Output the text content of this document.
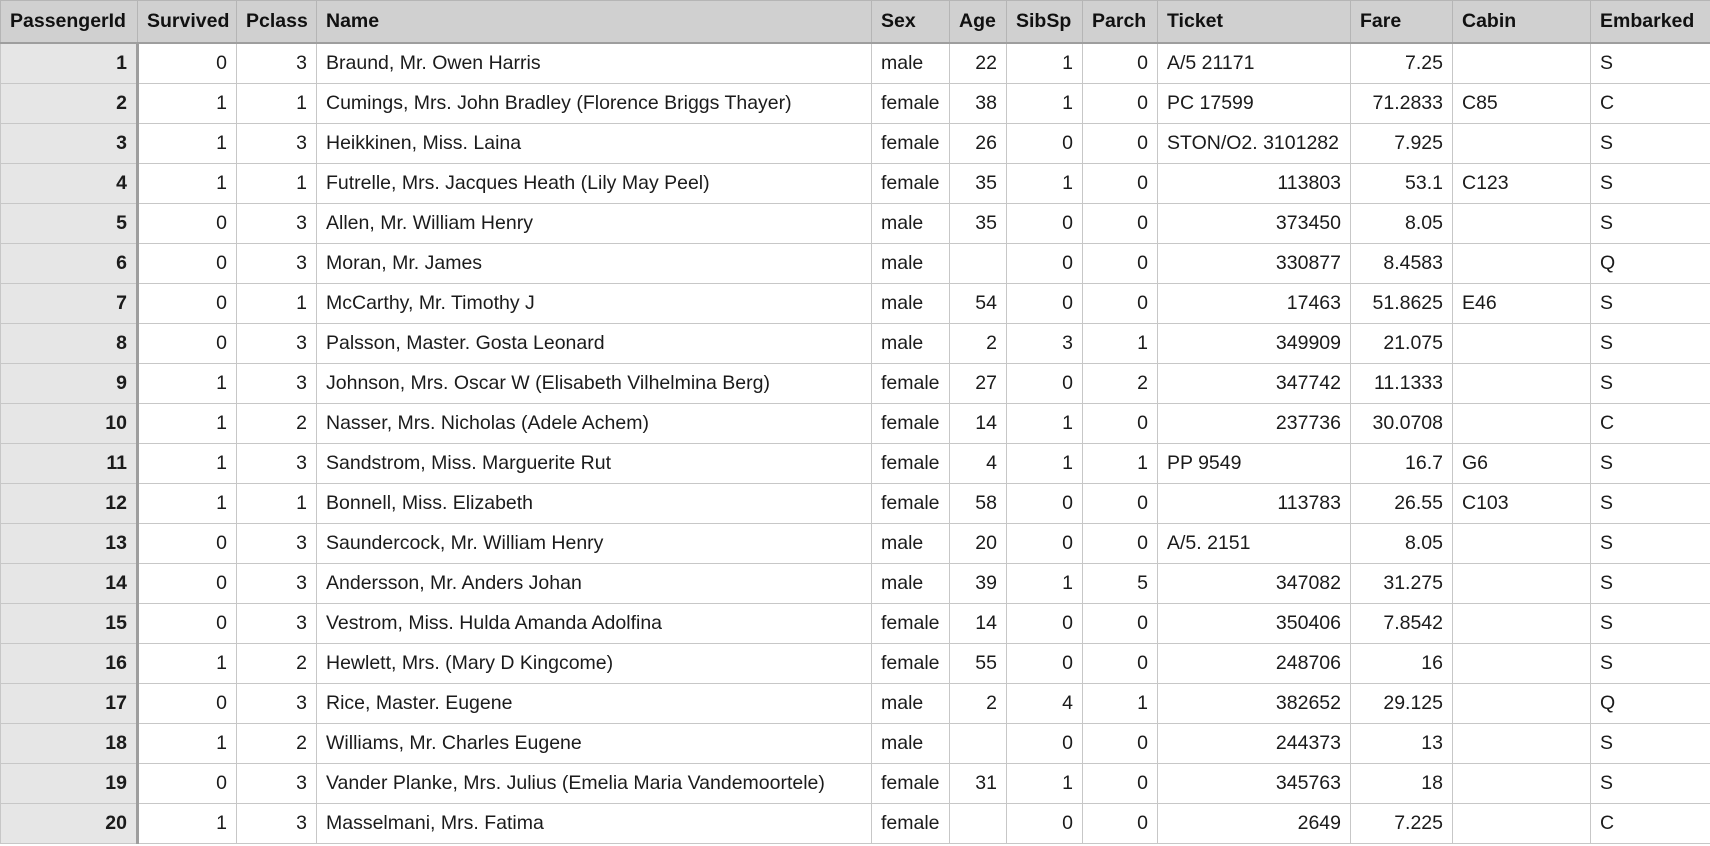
PassengerId	Survived	Pclass	Name	Sex	Age	SibSp	Parch	Ticket	Fare	Cabin	Embarked
1	0	3	Braund, Mr. Owen Harris	male	22	1	0	A/5 21171	7.25		S
2	1	1	Cumings, Mrs. John Bradley (Florence Briggs Thayer)	female	38	1	0	PC 17599	71.2833	C85	C
3	1	3	Heikkinen, Miss. Laina	female	26	0	0	STON/O2. 3101282	7.925		S
4	1	1	Futrelle, Mrs. Jacques Heath (Lily May Peel)	female	35	1	0	113803	53.1	C123	S
5	0	3	Allen, Mr. William Henry	male	35	0	0	373450	8.05		S
6	0	3	Moran, Mr. James	male		0	0	330877	8.4583		Q
7	0	1	McCarthy, Mr. Timothy J	male	54	0	0	17463	51.8625	E46	S
8	0	3	Palsson, Master. Gosta Leonard	male	2	3	1	349909	21.075		S
9	1	3	Johnson, Mrs. Oscar W (Elisabeth Vilhelmina Berg)	female	27	0	2	347742	11.1333		S
10	1	2	Nasser, Mrs. Nicholas (Adele Achem)	female	14	1	0	237736	30.0708		C
11	1	3	Sandstrom, Miss. Marguerite Rut	female	4	1	1	PP 9549	16.7	G6	S
12	1	1	Bonnell, Miss. Elizabeth	female	58	0	0	113783	26.55	C103	S
13	0	3	Saundercock, Mr. William Henry	male	20	0	0	A/5. 2151	8.05		S
14	0	3	Andersson, Mr. Anders Johan	male	39	1	5	347082	31.275		S
15	0	3	Vestrom, Miss. Hulda Amanda Adolfina	female	14	0	0	350406	7.8542		S
16	1	2	Hewlett, Mrs. (Mary D Kingcome)	female	55	0	0	248706	16		S
17	0	3	Rice, Master. Eugene	male	2	4	1	382652	29.125		Q
18	1	2	Williams, Mr. Charles Eugene	male		0	0	244373	13		S
19	0	3	Vander Planke, Mrs. Julius (Emelia Maria Vandemoortele)	female	31	1	0	345763	18		S
20	1	3	Masselmani, Mrs. Fatima	female		0	0	2649	7.225		C
